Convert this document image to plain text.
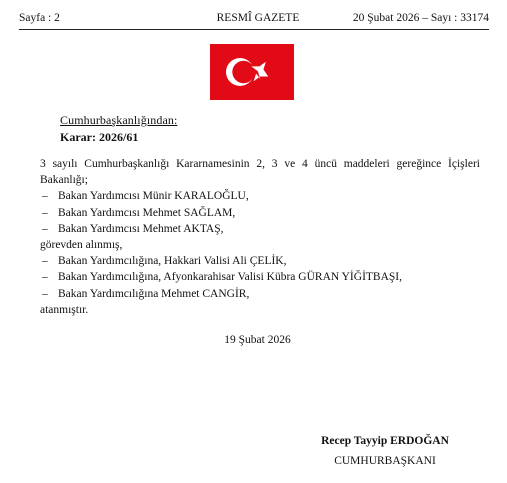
Sayfa : 2	RESMÎ GAZETE	20 Şubat 2026 – Sayı : 33174
Cumhurbaşkanlığından:
Karar: 2026/61
3 sayılı Cumhurbaşkanlığı Kararnamesinin 2, 3 ve 4 üncü maddeleri gereğince İçişleri
Bakanlığı;
– Bakan Yardımcısı Münir KARALOĞLU,
– Bakan Yardımcısı Mehmet SAĞLAM,
– Bakan Yardımcısı Mehmet AKTAŞ,
görevden alınmış,
– Bakan Yardımcılığına, Hakkari Valisi Ali ÇELİK,
– Bakan Yardımcılığına, Afyonkarahisar Valisi Kübra GÜRAN YİĞİTBAŞI,
– Bakan Yardımcılığına Mehmet CANGİR,
atanmıştır.
19 Şubat 2026
Recep Tayyip ERDOĞAN
CUMHURBAŞKANI
